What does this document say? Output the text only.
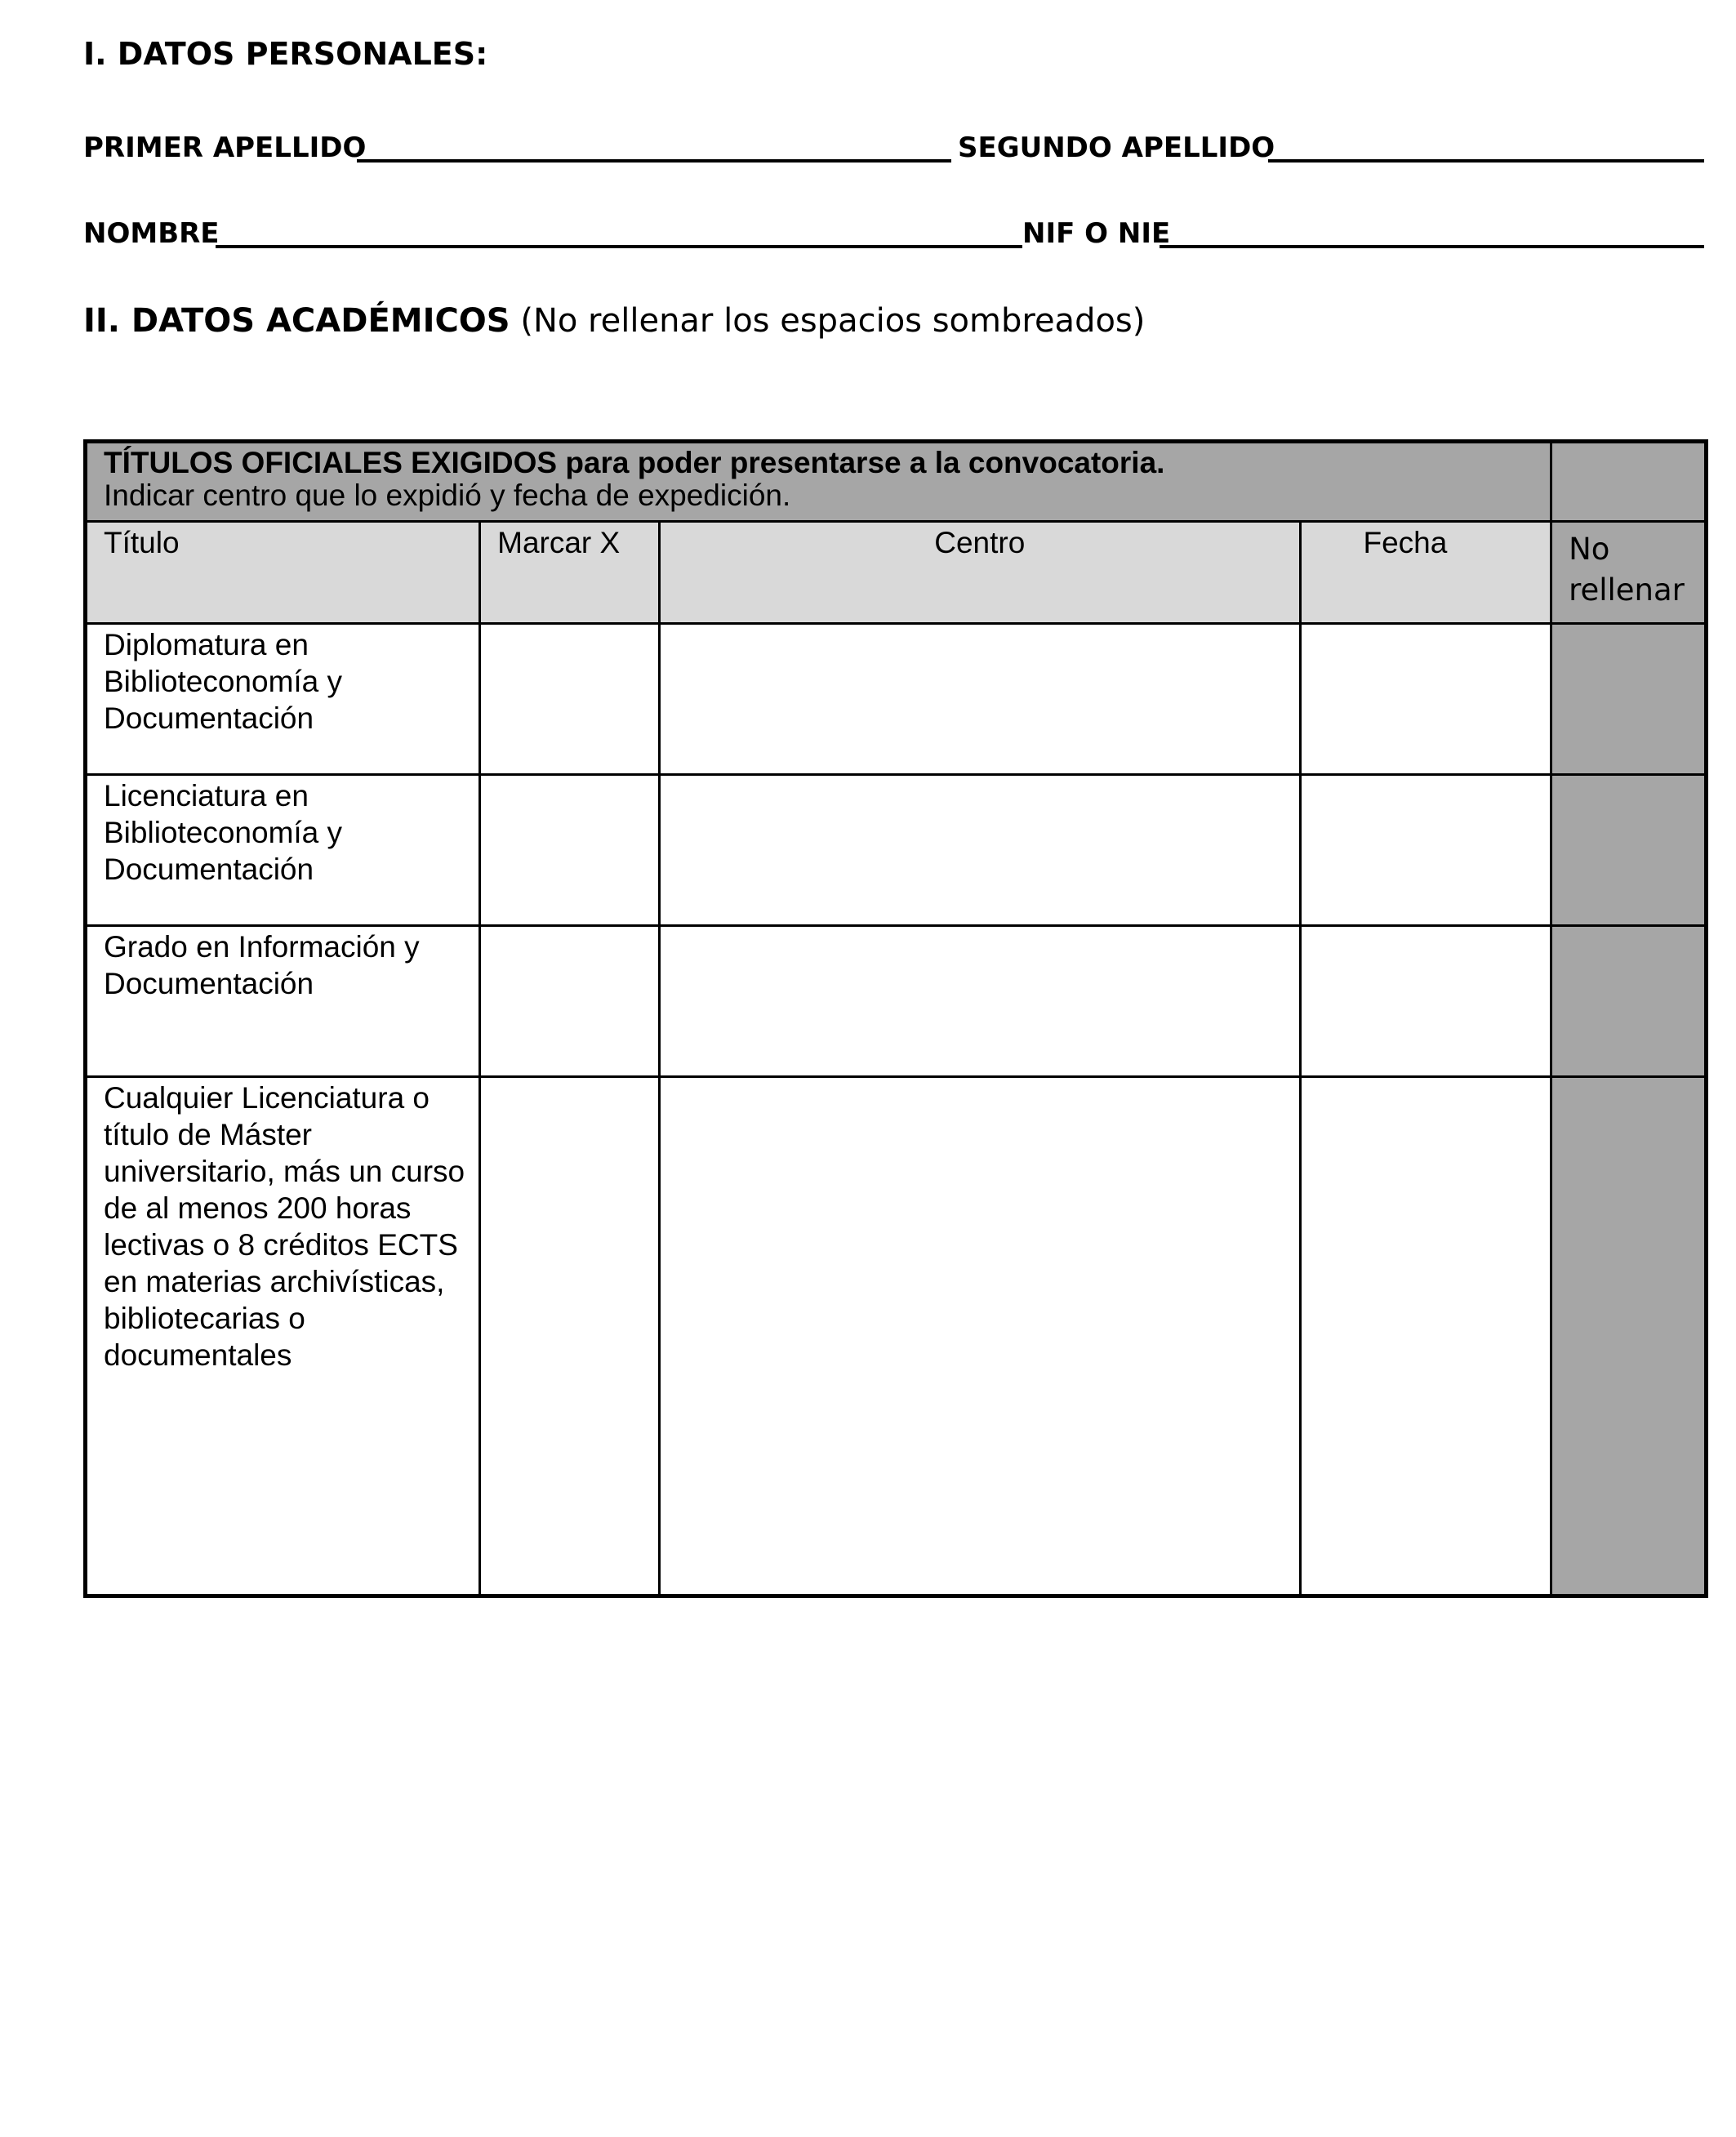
I. DATOS PERSONALES:
PRIMER APELLIDO	SEGUNDO APELLIDO
NOMBRE	NIF O NIE
II. DATOS ACADÉMICOS (No rellenar los espacios sombreados)
TÍTULOS OFICIALES EXIGIDOS para poder presentarse a la convocatoria.
Indicar centro que lo expidió y fecha de expedición.				

Título	Marcar X	Centro	Fecha	No rellenar
Diplomatura en Biblioteconomía y Documentación				
Licenciatura en Biblioteconomía y Documentación				
Grado en Información y Documentación				
Cualquier Licenciatura o título de Máster universitario, más un curso de al menos 200 horas lectivas o 8 créditos ECTS en materias archivísticas, bibliotecarias o documentales				
